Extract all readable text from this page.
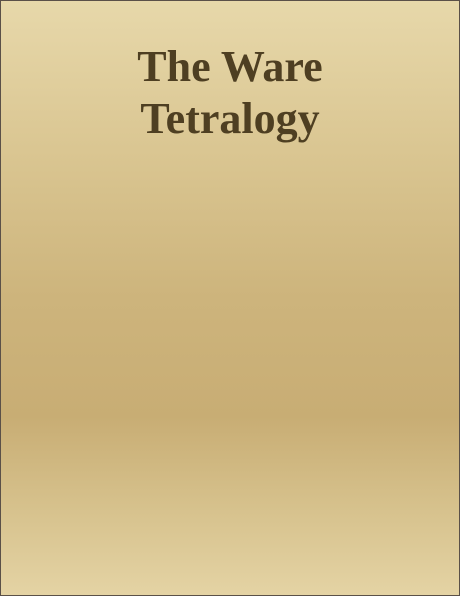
The Ware
Tetralogy
